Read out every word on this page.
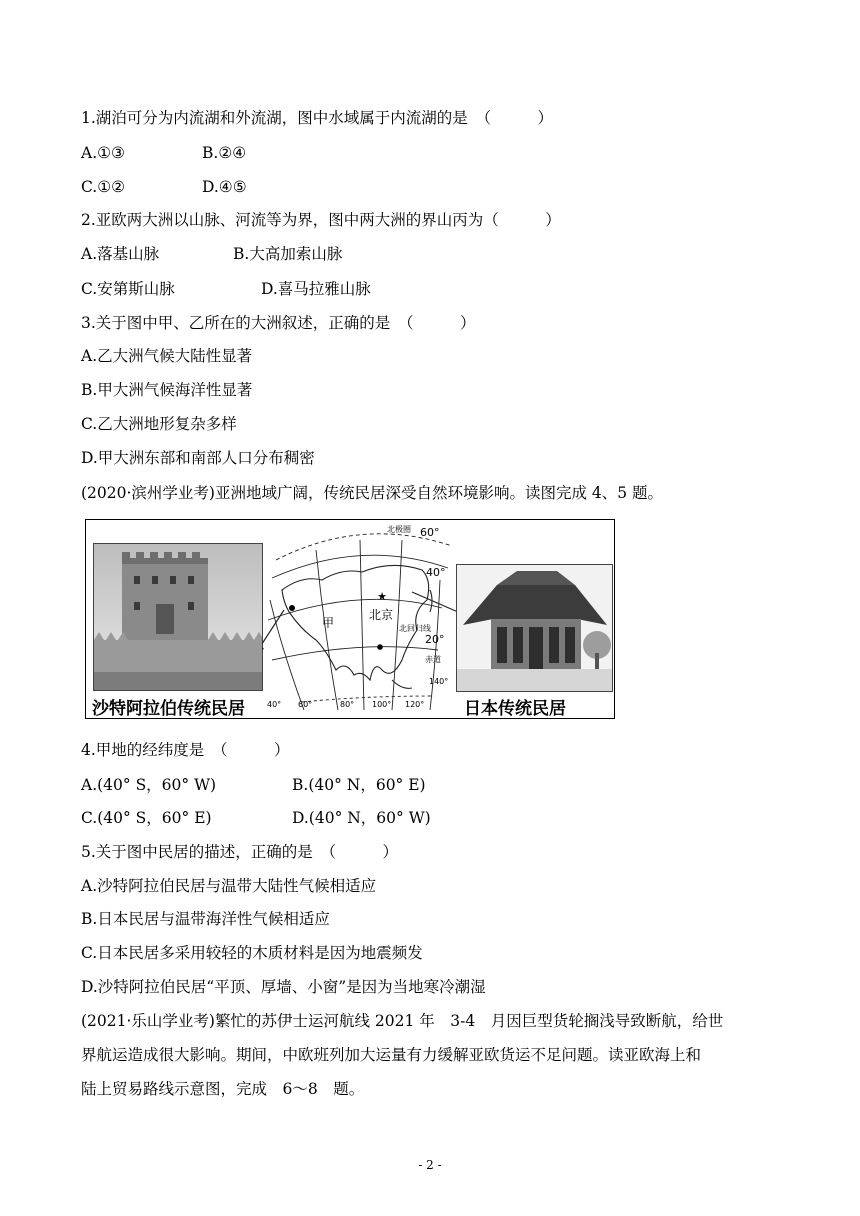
1.湖泊可分为内流湖和外流湖，图中水域属于内流湖的是　（　　　）
A.①③	B.②④
C.①②	D.④⑤
2.亚欧两大洲以山脉、河流等为界，图中两大洲的界山丙为（　　　）
A.落基山脉	B.大高加索山脉
C.安第斯山脉	D.喜马拉雅山脉
3.关于图中甲、乙所在的大洲叙述，正确的是　（　　　）
A.乙大洲气候大陆性显著
B.甲大洲气候海洋性显著
C.乙大洲地形复杂多样
D.甲大洲东部和南部人口分布稠密
(2020·滨州学业考)亚洲地域广阔，传统民居深受自然环境影响。读图完成 4、5 题。
★
北极圈 60°
40°
20°
北回归线
赤道
甲
北京
140°
40° 60°	80° 100° 120°
沙特阿拉伯传统民居	日本传统民居
4.甲地的经纬度是　（　　　）
A.(40° S，60° W)	B.(40° N，60° E)
C.(40° S，60° E)	D.(40° N，60° W)
5.关于图中民居的描述，正确的是　（　　　）
A.沙特阿拉伯民居与温带大陆性气候相适应
B.日本民居与温带海洋性气候相适应
C.日本民居多采用较轻的木质材料是因为地震频发
D.沙特阿拉伯民居“平顶、厚墙、小窗”是因为当地寒冷潮湿
(2021·乐山学业考)繁忙的苏伊士运河航线 2021 年　3-4　月因巨型货轮搁浅导致断航，给世
界航运造成很大影响。期间，中欧班列加大运量有力缓解亚欧货运不足问题。读亚欧海上和
陆上贸易路线示意图，完成　6～8　题。
- 2 -
